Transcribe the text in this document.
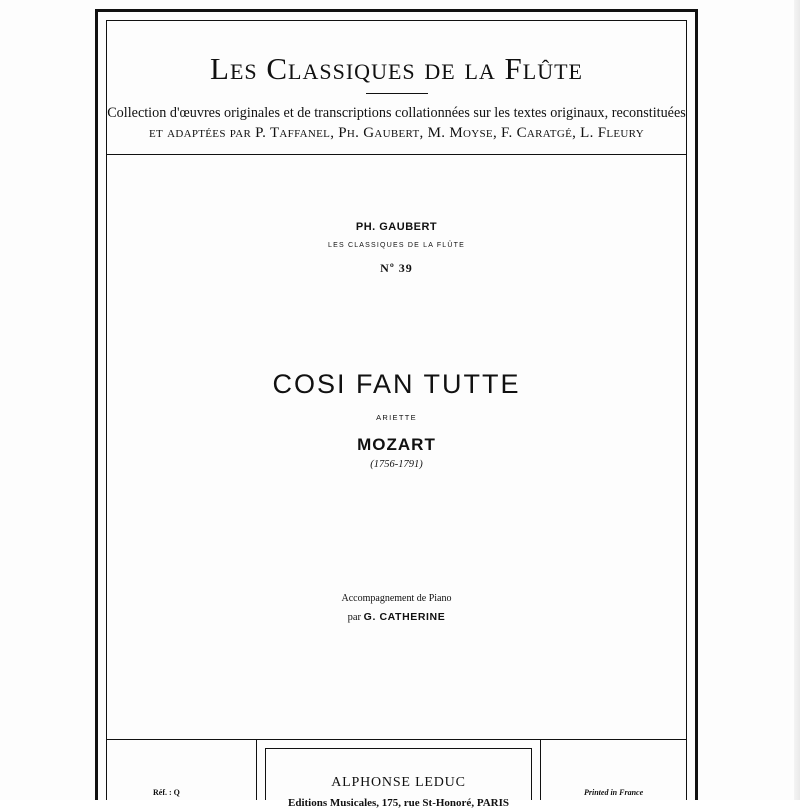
Les Classiques de la Flûte
Collection d'œuvres originales et de transcriptions collationnées sur les textes originaux, reconstituées
et adaptées par P. Taffanel, Ph. Gaubert, M. Moyse, F. Caratgé, L. Fleury
PH. GAUBERT
LES CLASSIQUES DE LA FLÛTE
Nº 39
COSI FAN TUTTE
ARIETTE
MOZART
(1756-1791)
Accompagnement de Piano
par G. CATHERINE
Réf. : Q
ALPHONSE LEDUC
Editions Musicales, 175, rue St-Honoré, PARIS
Printed in France
